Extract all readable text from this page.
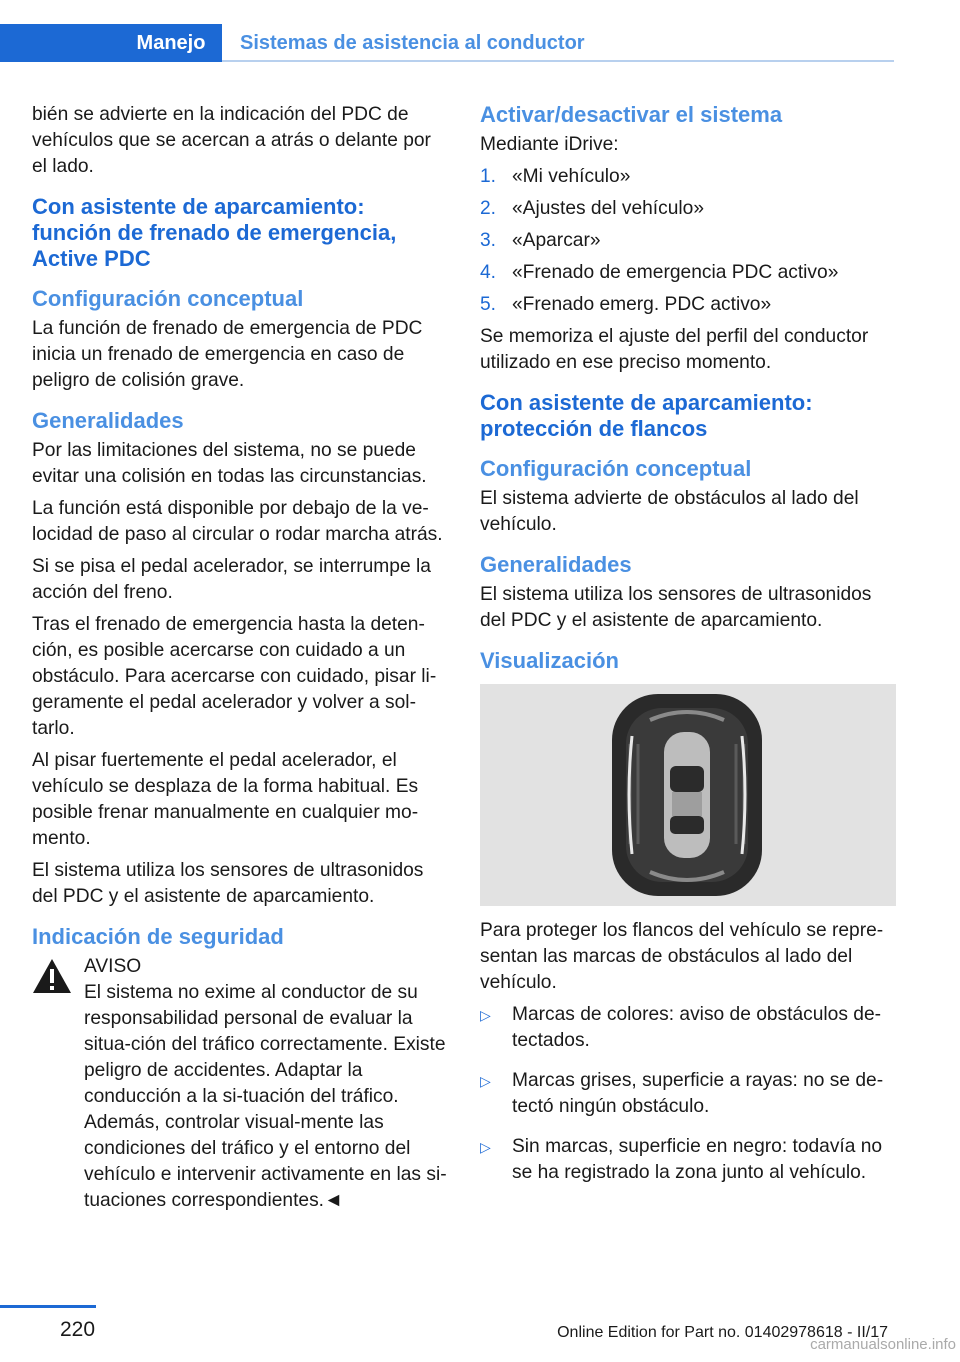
Manejo	Sistemas de asistencia al conductor

bién se advierte en la indicación del PDC de vehículos que se acercan a atrás o delante por el lado.

Con asistente de aparcamiento: función de frenado de emergencia, Active PDC
Configuración conceptual

La función de frenado de emergencia de PDC inicia un frenado de emergencia en caso de peligro de colisión grave.

Generalidades

Por las limitaciones del sistema, no se puede evitar una colisión en todas las circunstancias.

La función está disponible por debajo de la ve‐locidad de paso al circular o rodar marcha atrás.

Si se pisa el pedal acelerador, se interrumpe la acción del freno.

Tras el frenado de emergencia hasta la deten‐ción, es posible acercarse con cuidado a un obstáculo. Para acercarse con cuidado, pisar li‐geramente el pedal acelerador y volver a sol‐tarlo.

Al pisar fuertemente el pedal acelerador, el vehículo se desplaza de la forma habitual. Es posible frenar manualmente en cualquier mo‐mento.

El sistema utiliza los sensores de ultrasonidos del PDC y el asistente de aparcamiento.

Indicación de seguridad
AVISO
El sistema no exime al conductor de su responsabilidad personal de evaluar la situa‐ción del tráfico correctamente. Existe peligro de accidentes. Adaptar la conducción a la si‐tuación del tráfico. Además, controlar visual‐mente las condiciones del tráfico y el entorno del vehículo e intervenir activamente en las si‐tuaciones correspondientes.◄
Activar/desactivar el sistema

Mediante iDrive:

1. «Mi vehículo»
2. «Ajustes del vehículo»
3. «Aparcar»
4. «Frenado de emergencia PDC activo»
5. «Frenado emerg. PDC activo»

Se memoriza el ajuste del perfil del conductor utilizado en ese preciso momento.

Con asistente de aparcamiento: protección de flancos
Configuración conceptual

El sistema advierte de obstáculos al lado del vehículo.

Generalidades

El sistema utiliza los sensores de ultrasonidos del PDC y el asistente de aparcamiento.

Visualización

Para proteger los flancos del vehículo se repre‐sentan las marcas de obstáculos al lado del vehículo.

▷ Marcas de colores: aviso de obstáculos de‐tectados.
▷ Marcas grises, superficie a rayas: no se de‐tectó ningún obstáculo.
▷ Sin marcas, superficie en negro: todavía no se ha registrado la zona junto al vehículo.
220	Online Edition for Part no. 01402978618 - II/17
carmanualsonline.info
